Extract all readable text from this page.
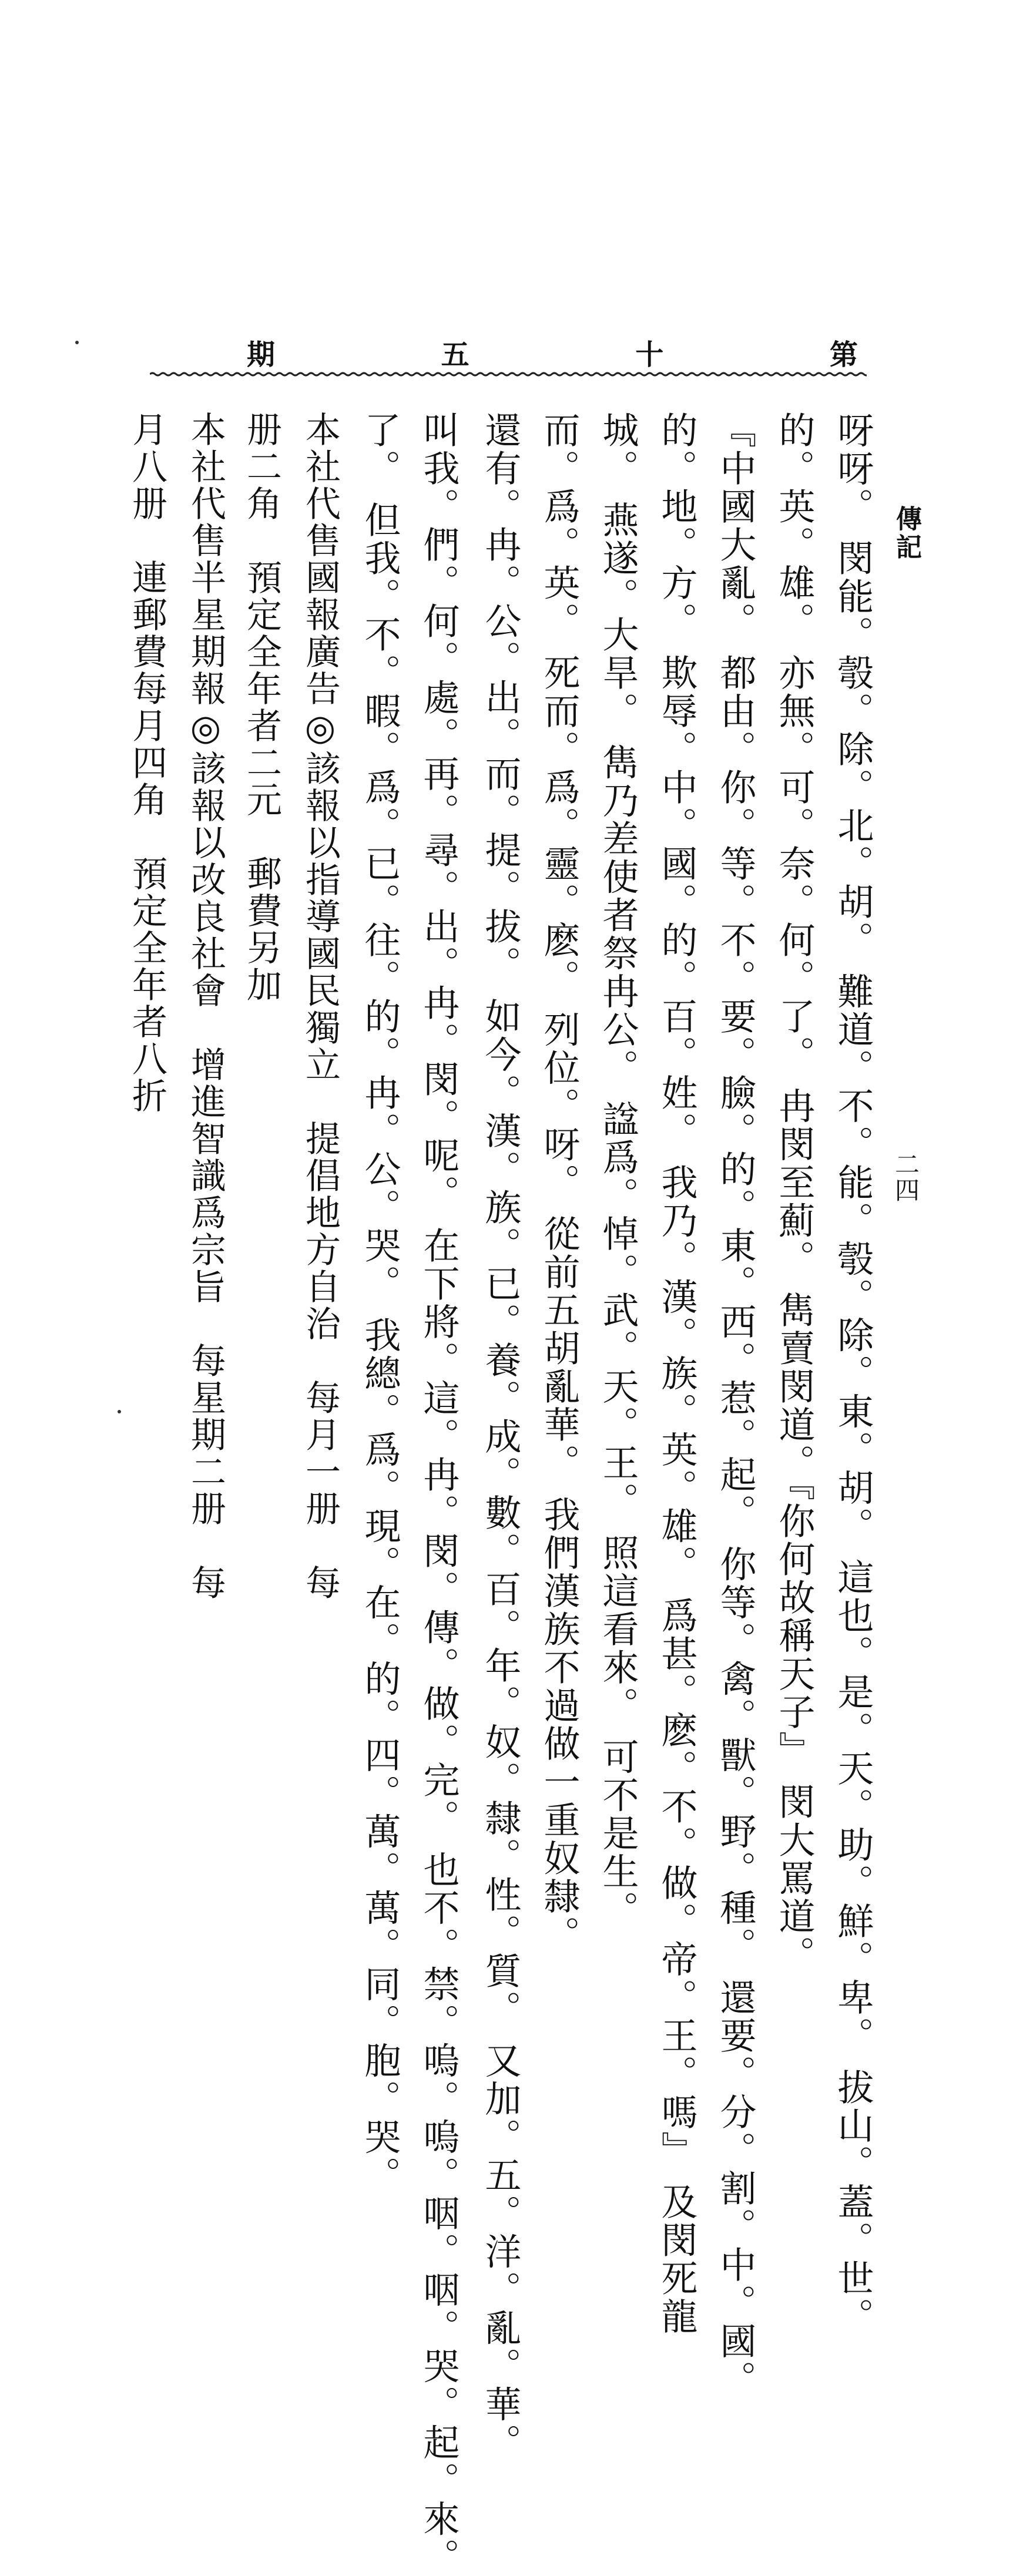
期	五	十	第
傳記
二四
呀呀。 閔能。彀。除。北。胡。 難道。不。能。彀。除。東。胡。 這也。是。天。助。鮮。卑。 拔山。蓋。世。
的。英。雄。 亦無。可。奈。何。了。 冉閔至薊。 雋賣閔道。『你何故稱天子』 閔大罵道。
『中國大亂。 都由。你。等。不。要。臉。的。東。西。惹。起。 你等。禽。獸。野。種。 還要。分。割。中。國。
的。地。方。 欺辱。中。國。的。百。姓。 我乃。漢。族。英。雄。 爲甚。麽。不。做。帝。王。嗎』 及閔死龍
城。 燕遂。大旱。 雋乃差使者祭冉公。 諡爲。悼。武。天。王。 照這看來。 可不是生。
而。爲。英。 死而。爲。靈。麽。 列位。呀。 從前五胡亂華。 我們漢族不過做一重奴隸。
還有。冉。公。出。而。提。拔。 如今。漢。族。已。養。成。數。百。年。奴。隸。性。質。 又加。五。洋。亂。華。
叫我。們。何。處。再。尋。出。冉。閔。呢。 在下將。這。冉。閔。傳。做。完。 也不。禁。嗚。嗚。咽。咽。哭。起。來。
了。 但我。不。暇。爲。已。往。的。冉。公。哭。 我總。爲。現。在。的。四。萬。萬。同。胞。哭。
本社代售國報廣告◎該報以指導國民獨立　提倡地方自治　每月一册　每
册二角　預定全年者二元　郵費另加
本社代售半星期報◎該報以改良社會　增進智識爲宗旨　每星期二册　每
月八册　連郵費每月四角　預定全年者八折
